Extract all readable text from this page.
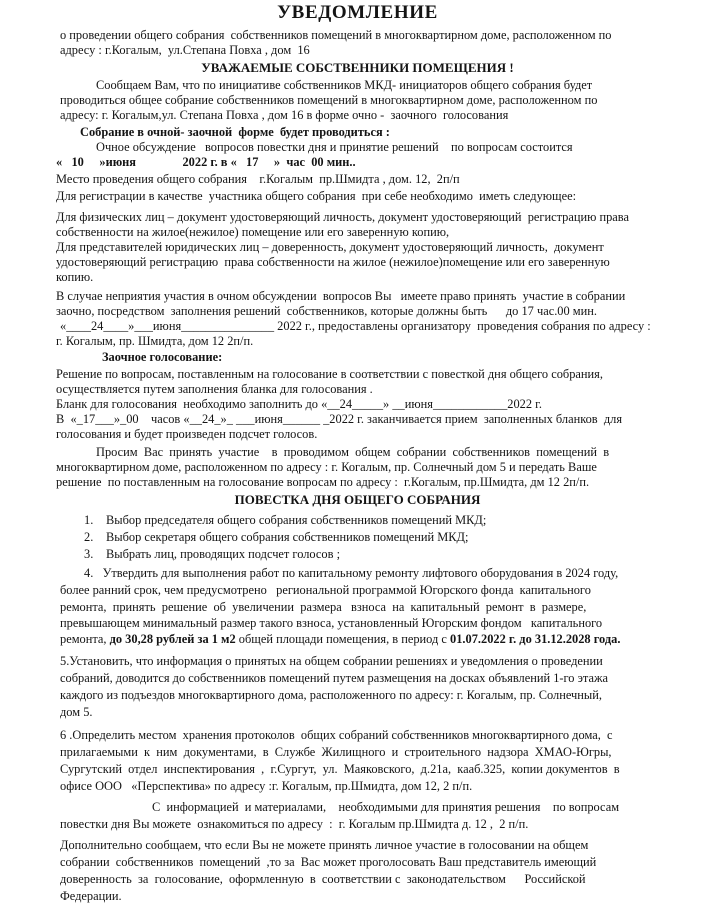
УВЕДОМЛЕНИЕ
о проведении общего собрания  собственников помещений в многоквартирном доме, расположенном по
адресу : г.Когалым,  ул.Степана Повха , дом  16
УВАЖАЕМЫЕ СОБСТВЕННИКИ ПОМЕЩЕНИЯ !
Сообщаем Вам, что по инициативе собственников МКД- инициаторов общего собрания будет
проводиться общее собрание собственников помещений в многоквартирном доме, расположенном по
адресу: г. Когалым,ул. Степана Повха , дом 16 в форме очно -  заочного  голосования
Собрание в очной- заочной  форме  будет проводиться :
Очное обсуждение   вопросов повестки дня и принятие решений    по вопросам состоится
«   10     »июня               2022 г. в «   17     »  час  00 мин..
Место проведения общего собрания    г.Когалым  пр.Шмидта , дом. 12,  2п/п
Для регистрации в качестве  участника общего собрания  при себе необходимо  иметь следующее:
Для физических лиц – документ удостоверяющий личность, документ удостоверяющий  регистрацию права
собственности на жилое(нежилое) помещение или его заверенную копию,
Для представителей юридических лиц – доверенность, документ удостоверяющий личность,  документ
удостоверяющий регистрацию  права собственности на жилое (нежилое)помещение или его заверенную
копию.
В случае неприятия участия в очном обсуждении  вопросов Вы   имеете право принять  участие в собрании
заочно, посредством  заполнения решений  собственников, которые должны быть      до 17 час.00 мин.
«____24____»___июня_______________ 2022 г., предоставлены организатору  проведения собрания по адресу :
г. Когалым, пр. Шмидта, дом 12 2п/п.
Заочное голосование:
Решение по вопросам, поставленным на голосование в соответствии с повесткой дня общего собрания,
осуществляется путем заполнения бланка для голосования .
Бланк для голосования  необходимо заполнить до «__24_____» __июня____________2022 г.
В  «_17___»_00    часов «__24_»_ ___июня______ _2022 г. заканчивается прием  заполненных бланков  для
голосования и будет произведен подсчет голосов.
Просим  Вас  принять  участие    в  проводимом  общем  собрании  собственников  помещений  в
многоквартирном доме, расположенном по адресу : г. Когалым, пр. Солнечный дом 5 и передать Ваше
решение  по поставленным на голосование вопросам по адресу :  г.Когалым, пр.Шмидта, дм 12 2п/п.
ПОВЕСТКА ДНЯ ОБЩЕГО СОБРАНИЯ
1. Выбор председателя общего собрания собственников помещений МКД;
2. Выбор секретаря общего собрания собственников помещений МКД;
3. Выбрать лиц, проводящих подсчет голосов ;
4.   Утвердить для выполнения работ по капитальному ремонту лифтового оборудования в 2024 году,
более ранний срок, чем предусмотрено   региональной программой Югорского фонда  капитального
ремонта,  принять  решение  об  увеличении  размера   взноса  на  капитальный  ремонт  в  размере,
превышающем минимальный размер такого взноса, установленный Югорским фондом   капитального
ремонта, до 30,28 рублей за 1 м2 общей площади помещения, в период с 01.07.2022 г. до 31.12.2028 года.
5.Установить, что информация о принятых на общем собрании решениях и уведомления о проведении
собраний, доводится до собственников помещений путем размещения на досках объявлений 1-го этажа
каждого из подъездов многоквартирного дома, расположенного по адресу: г. Когалым, пр. Солнечный,
дом 5.
6 .Определить местом  хранения протоколов  общих собраний собственников многоквартирного дома,  с
прилагаемыми  к  ним  документами,  в  Службе  Жилищного  и  строительного  надзора  ХМАО-Югры,
Сургутский  отдел  инспектирования  ,  г.Сургут,  ул.  Маяковского,  д.21а,  кааб.325,  копии документов  в
офисе ООО   «Перспектива» по адресу :г. Когалым, пр.Шмидта, дом 12, 2 п/п.
С  информацией  и материалами,    необходимыми для принятия решения    по вопросам
повестки дня Вы можете  ознакомиться по адресу  :  г. Когалым пр.Шмидта д. 12 ,  2 п/п.
Дополнительно сообщаем, что если Вы не можете принять личное участие в голосовании на общем
собрании  собственников  помещений  ,то за  Вас может проголосовать Ваш представитель имеющий
доверенность  за  голосование,  оформленную  в  соответствии с  законодательством      Российской
Федерации.
